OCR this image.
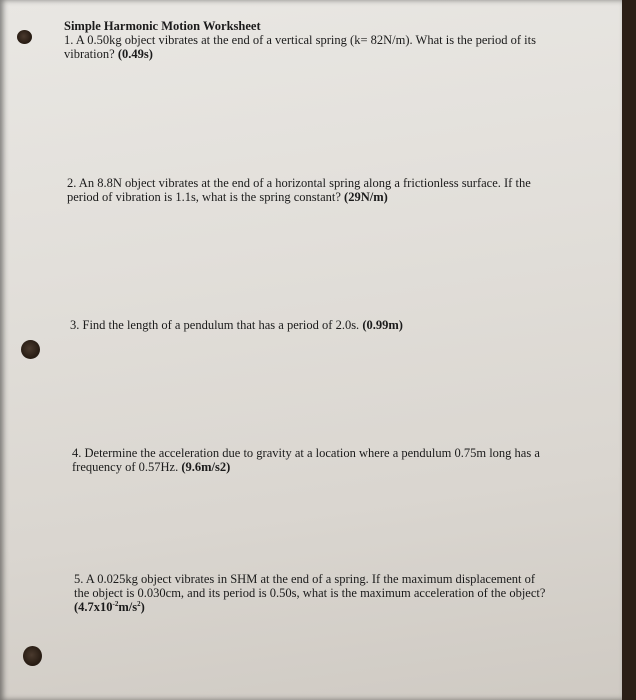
Simple Harmonic Motion Worksheet
1. A 0.50kg object vibrates at the end of a vertical spring (k= 82N/m). What is the period of its vibration? (0.49s)
2. An 8.8N object vibrates at the end of a horizontal spring along a frictionless surface. If the period of vibration is 1.1s, what is the spring constant? (29N/m)
3. Find the length of a pendulum that has a period of 2.0s. (0.99m)
4. Determine the acceleration due to gravity at a location where a pendulum 0.75m long has a frequency of 0.57Hz. (9.6m/s2)
5. A 0.025kg object vibrates in SHM at the end of a spring. If the maximum displacement of the object is 0.030cm, and its period is 0.50s, what is the maximum acceleration of the object?
$(4.7x10^{-2}m/s^2)$
